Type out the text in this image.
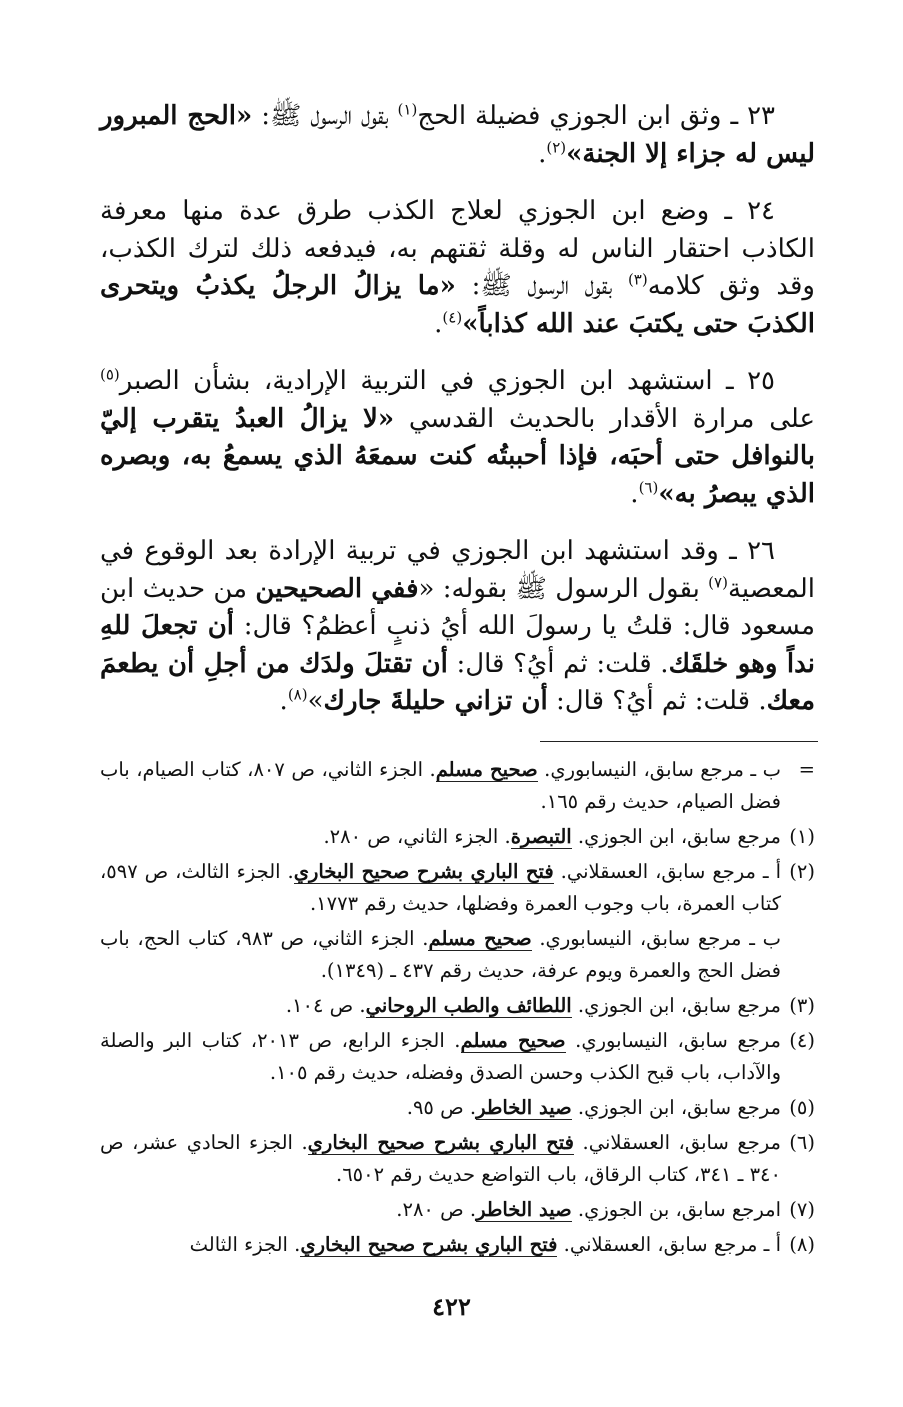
٢٣ ـ وثق ابن الجوزي فضيلة الحج$^{(١)}$ بقول الرسول ﷺ: «الحج المبرور ليس له جزاء إلا الجنة»$^{(٢)}$.

٢٤ ـ وضع ابن الجوزي لعلاج الكذب طرق عدة منها معرفة الكاذب احتقار الناس له وقلة ثقتهم به، فيدفعه ذلك لترك الكذب، وقد وثق كلامه$^{(٣)}$ بقول الرسول ﷺ: «ما يزالُ الرجلُ يكذبُ ويتحرى الكذبَ حتى يكتبَ عند الله كذاباً»$^{(٤)}$.

٢٥ ـ استشهد ابن الجوزي في التربية الإرادية، بشأن الصبر$^{(٥)}$ على مرارة الأقدار بالحديث القدسي «لا يزالُ العبدُ يتقرب إليّ بالنوافل حتى أحبَه، فإذا أحببتُه كنت سمعَهُ الذي يسمعُ به، وبصره الذي يبصرُ به»$^{(٦)}$.

٢٦ ـ وقد استشهد ابن الجوزي في تربية الإرادة بعد الوقوع في المعصية$^{(٧)}$ بقول الرسول ﷺ بقوله: «ففي الصحيحين من حديث ابن مسعود قال: قلتُ يا رسولَ الله أيُ ذنبٍ أعظمُ؟ قال: أن تجعلَ للهِ نداً وهو خلقَك. قلت: ثم أيُ؟ قال: أن تقتلَ ولدَك من أجلِ أن يطعمَ معك. قلت: ثم أيُ؟ قال: أن تزاني حليلةَ جارك»$^{(٨)}$.

=
ب ـ مرجع سابق، النيسابوري. صحيح مسلم. الجزء الثاني، ص ٨٠٧، كتاب الصيام، باب فضل الصيام، حديث رقم ١٦٥.
(١)
مرجع سابق، ابن الجوزي. التبصرة. الجزء الثاني، ص ٢٨٠.
(٢)
أ ـ مرجع سابق، العسقلاني. فتح الباري بشرح صحيح البخاري. الجزء الثالث، ص ٥٩٧، كتاب العمرة، باب وجوب العمرة وفضلها، حديث رقم ١٧٧٣.
ب ـ مرجع سابق، النيسابوري. صحيح مسلم. الجزء الثاني، ص ٩٨٣، كتاب الحج، باب فضل الحج والعمرة ويوم عرفة، حديث رقم ٤٣٧ ـ (١٣٤٩).
(٣)
مرجع سابق، ابن الجوزي. اللطائف والطب الروحاني. ص ١٠٤.
(٤)
مرجع سابق، النيسابوري. صحيح مسلم. الجزء الرابع، ص ٢٠١٣، كتاب البر والصلة والآداب، باب قبح الكذب وحسن الصدق وفضله، حديث رقم ١٠٥.
(٥)
مرجع سابق، ابن الجوزي. صيد الخاطر. ص ٩٥.
(٦)
مرجع سابق، العسقلاني. فتح الباري بشرح صحيح البخاري. الجزء الحادي عشر، ص ٣٤٠ ـ ٣٤١، كتاب الرقاق، باب التواضع حديث رقم ٦٥٠٢.
(٧)
امرجع سابق، بن الجوزي. صيد الخاطر. ص ٢٨٠.
(٨)
أ ـ مرجع سابق، العسقلاني. فتح الباري بشرح صحيح البخاري. الجزء الثالث
٤٢٢
